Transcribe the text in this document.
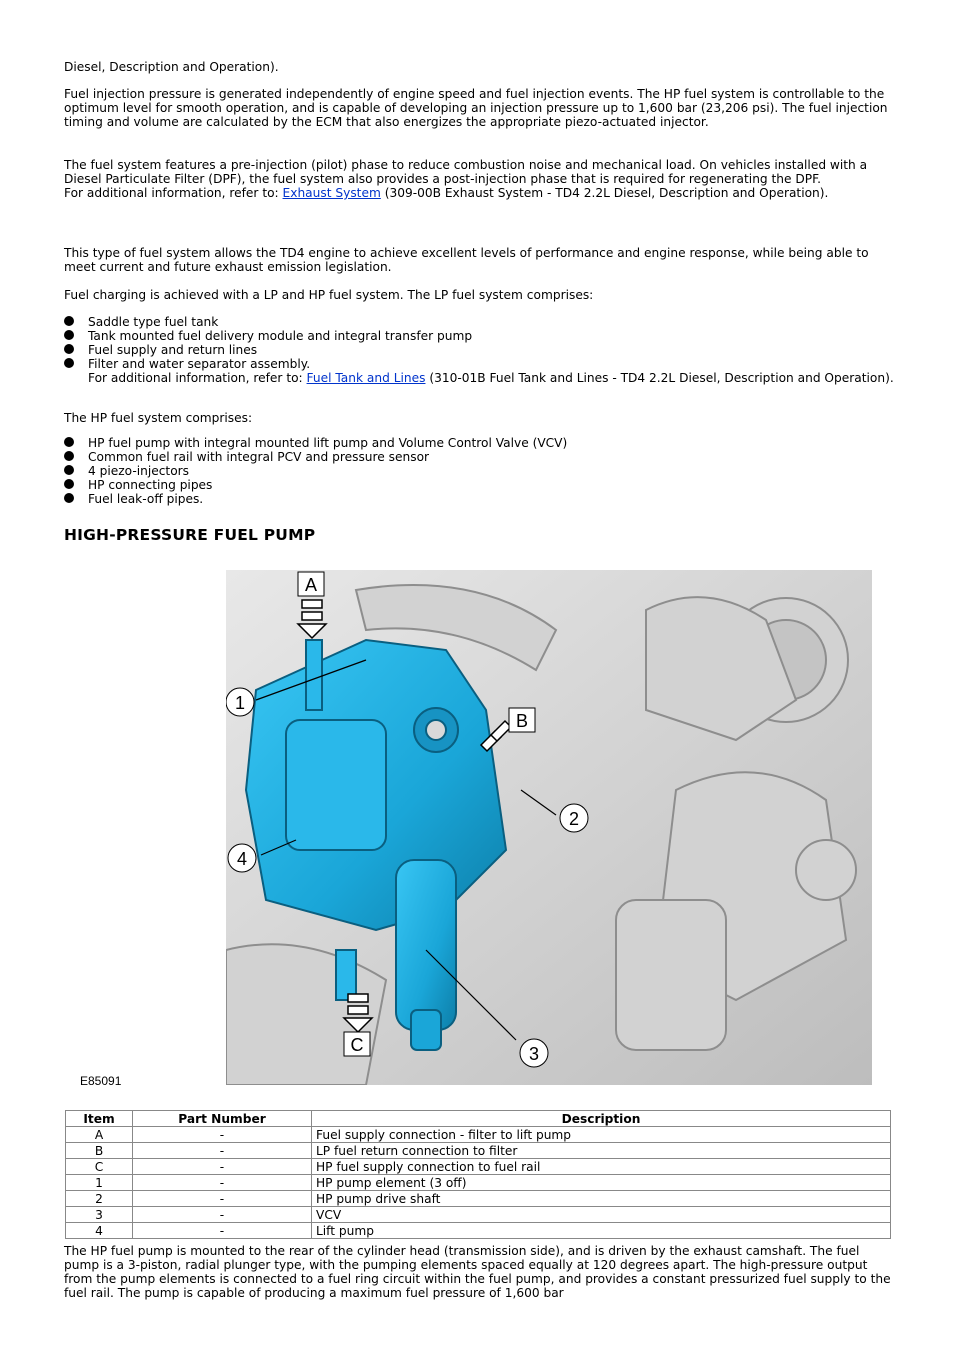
Diesel, Description and Operation).

Fuel injection pressure is generated independently of engine speed and fuel injection events. The HP fuel system is controllable to the optimum level for smooth operation, and is capable of developing an injection pressure up to 1,600 bar (23,206 psi). The fuel injection timing and volume are calculated by the ECM that also energizes the appropriate piezo-actuated injector.

The fuel system features a pre-injection (pilot) phase to reduce combustion noise and mechanical load. On vehicles installed with a Diesel Particulate Filter (DPF), the fuel system also provides a post-injection phase that is required for regenerating the DPF.

For additional information, refer to: Exhaust System (309-00B Exhaust System - TD4 2.2L Diesel, Description and Operation).

This type of fuel system allows the TD4 engine to achieve excellent levels of performance and engine response, while being able to meet current and future exhaust emission legislation.

Fuel charging is achieved with a LP and HP fuel system. The LP fuel system comprises:

Saddle type fuel tank
Tank mounted fuel delivery module and integral transfer pump
Fuel supply and return lines
Filter and water separator assembly.
For additional information, refer to: Fuel Tank and Lines (310-01B Fuel Tank and Lines - TD4 2.2L Diesel, Description and Operation).

The HP fuel system comprises:

HP fuel pump with integral mounted lift pump and Volume Control Valve (VCV)
Common fuel rail with integral PCV and pressure sensor
4 piezo-injectors
HP connecting pipes
Fuel leak-off pipes.
HIGH-PRESSURE FUEL PUMP
A
B
C
1
2
3
4
E85091
Item	Part Number	Description
A	-	Fuel supply connection - filter to lift pump
B	-	LP fuel return connection to filter
C	-	HP fuel supply connection to fuel rail
1	-	HP pump element (3 off)
2	-	HP pump drive shaft
3	-	VCV
4	-	Lift pump

The HP fuel pump is mounted to the rear of the cylinder head (transmission side), and is driven by the exhaust camshaft. The fuel pump is a 3-piston, radial plunger type, with the pumping elements spaced equally at 120 degrees apart. The high-pressure output from the pump elements is connected to a fuel ring circuit within the fuel pump, and provides a constant pressurized fuel supply to the fuel rail. The pump is capable of producing a maximum fuel pressure of 1,600 bar
